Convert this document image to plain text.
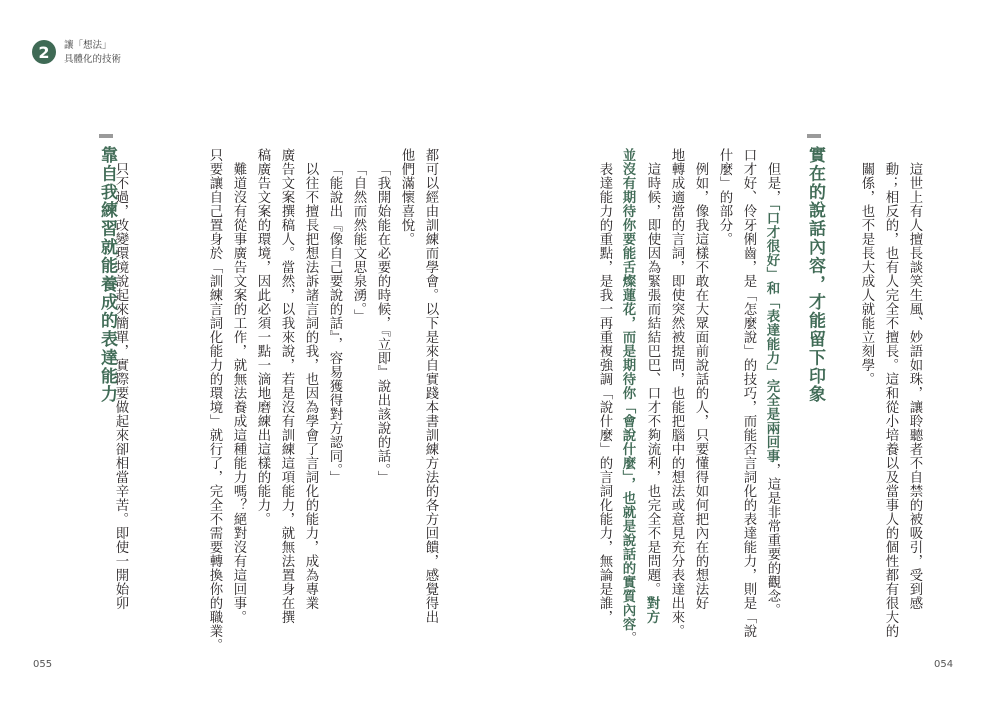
2	讓「想法」
具體化的技術
這世上有人擅長談笑生風、妙語如珠，讓聆聽者不自禁的被吸引，受到感
動；相反的，也有人完全不擅長。這和從小培養以及當事人的個性都有很大的
關係，也不是長大成人就能立刻學。
實在的說話內容，才能留下印象
但是，「口才很好」和「表達能力」完全是兩回事，這是非常重要的觀念。
口才好、伶牙俐齒，是「怎麼說」的技巧，而能否言詞化的表達能力，則是「說
什麼」的部分。
例如，像我這樣不敢在大眾面前說話的人，只要懂得如何把內在的想法好
地轉成適當的言詞，即使突然被提問，也能把腦中的想法或意見充分表達出來。
這時候，即使因為緊張而結結巴巴、口才不夠流利，也完全不是問題。對方
並沒有期待你要能舌燦蓮花，而是期待你「會說什麼」，也就是說話的實質內容。
表達能力的重點，是我一再重複強調「說什麼」的言詞化能力，無論是誰，
都可以經由訓練而學會。以下是來自實踐本書訓練方法的各方回饋，感覺得出
他們滿懷喜悅。
「我開始能在必要的時候，『立即』說出該說的話。」
「自然而然能文思泉湧。」
「能說出『像自己要說的話』，容易獲得對方認同。」
以往不擅長把想法訴諸言詞的我，也因為學會了言詞化的能力，成為專業
廣告文案撰稿人。當然，以我來說，若是沒有訓練這項能力，就無法置身在撰
稿廣告文案的環境，因此必須一點一滴地磨練出這樣的能力。
難道沒有從事廣告文案的工作，就無法養成這種能力嗎？絕對沒有這回事。
只要讓自己置身於「訓練言詞化能力的環境」就行了，完全不需要轉換你的職業。
靠自我練習就能養成的表達能力
只不過，改變環境說起來簡單，實際要做起來卻相當辛苦。即使一開始卯
055	054
